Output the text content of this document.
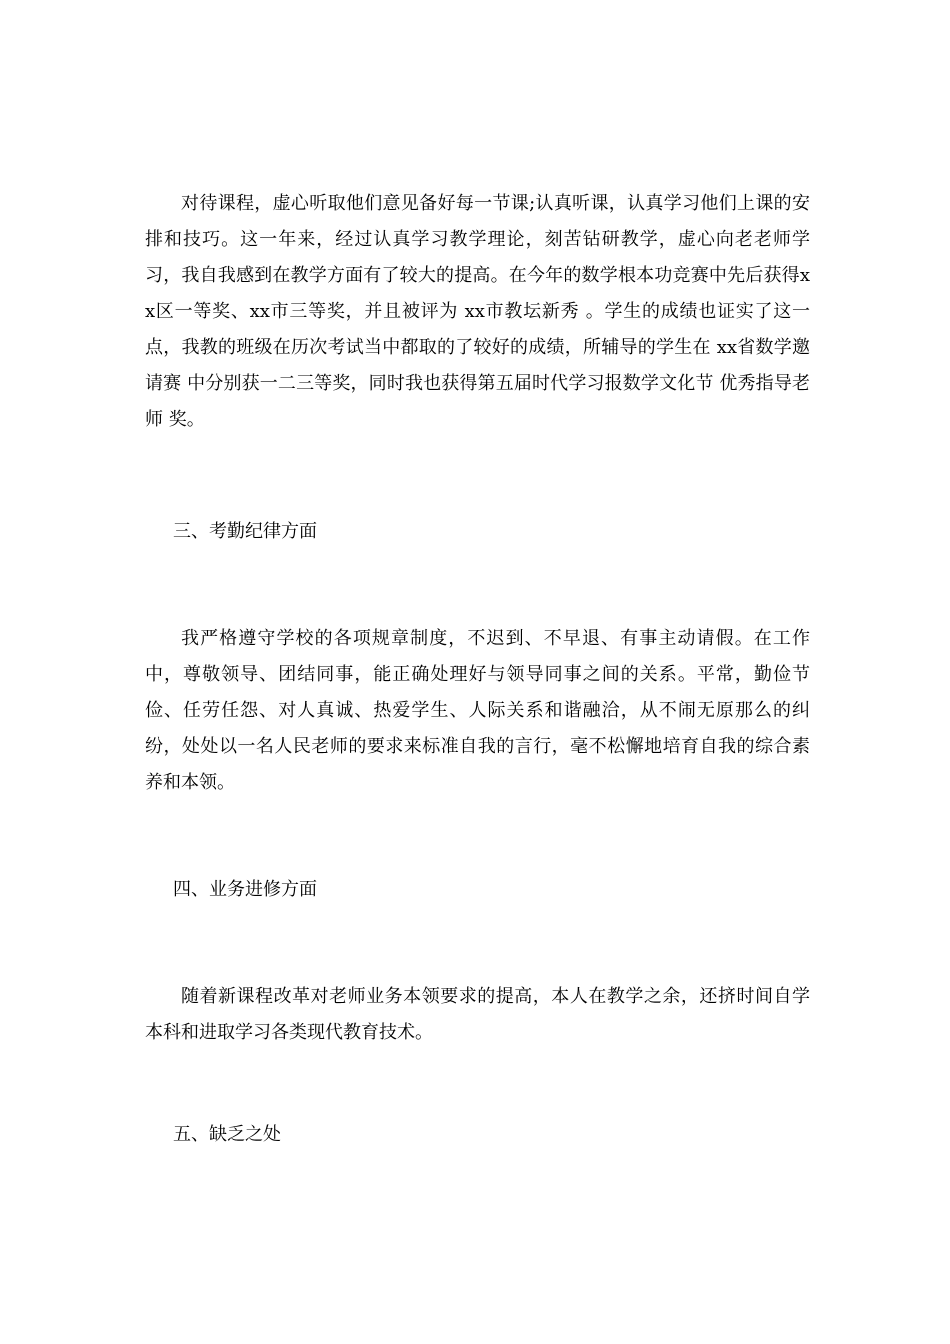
对待课程，虚心听取他们意见备好每一节课;认真听课，认真学习他们上课的安排和技巧。这一年来，经过认真学习教学理论，刻苦钻研教学，虚心向老老师学习，我自我感到在教学方面有了较大的提高。在今年的数学根本功竞赛中先后获得xx区一等奖、xx市三等奖，并且被评为 xx市教坛新秀 。学生的成绩也证实了这一点，我教的班级在历次考试当中都取的了较好的成绩，所辅导的学生在 xx省数学邀请赛 中分别获一二三等奖，同时我也获得第五届时代学习报数学文化节 优秀指导老师 奖。

三、考勤纪律方面

我严格遵守学校的各项规章制度，不迟到、不早退、有事主动请假。在工作中，尊敬领导、团结同事，能正确处理好与领导同事之间的关系。平常，勤俭节俭、任劳任怨、对人真诚、热爱学生、人际关系和谐融洽，从不闹无原那么的纠纷，处处以一名人民老师的要求来标准自我的言行，毫不松懈地培育自我的综合素养和本领。

四、业务进修方面

随着新课程改革对老师业务本领要求的提高，本人在教学之余，还挤时间自学本科和进取学习各类现代教育技术。

五、缺乏之处
